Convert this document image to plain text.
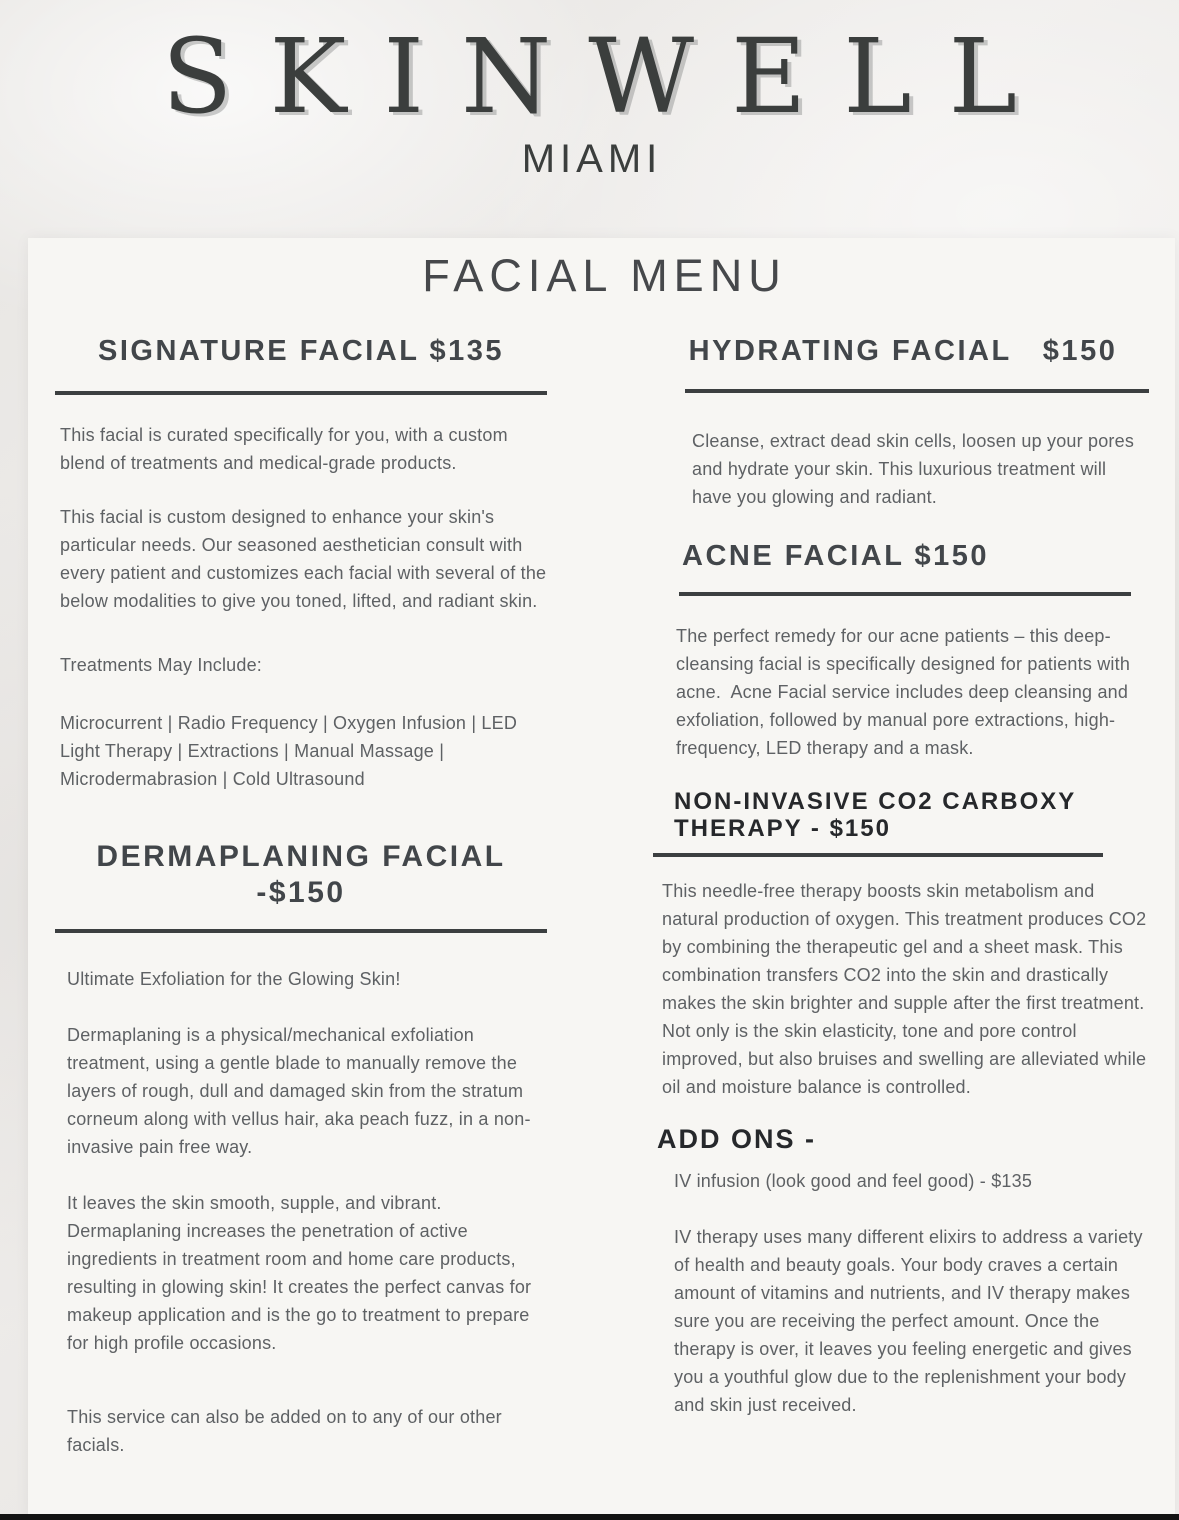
SKINWELL
MIAMI
FACIAL MENU
SIGNATURE FACIAL $135

This facial is curated specifically for you, with a custom blend of treatments and medical-grade products.

This facial is custom designed to enhance your skin's particular needs. Our seasoned aesthetician consult with every patient and customizes each facial with several of the below modalities to give you toned, lifted, and radiant skin.

Treatments May Include:

Microcurrent | Radio Frequency | Oxygen Infusion | LED Light Therapy | Extractions | Manual Massage | Microdermabrasion | Cold Ultrasound

DERMAPLANING FACIAL -$150

Ultimate Exfoliation for the Glowing Skin!

Dermaplaning is a physical/mechanical exfoliation treatment, using a gentle blade to manually remove the layers of rough, dull and damaged skin from the stratum corneum along with vellus hair, aka peach fuzz, in a non-invasive pain free way.

It leaves the skin smooth, supple, and vibrant. Dermaplaning increases the penetration of active ingredients in treatment room and home care products, resulting in glowing skin! It creates the perfect canvas for makeup application and is the go to treatment to prepare for high profile occasions.

This service can also be added on to any of our other facials.

HYDRATING FACIAL   $150

Cleanse, extract dead skin cells, loosen up your pores and hydrate your skin. This luxurious treatment will have you glowing and radiant.

ACNE FACIAL $150

The perfect remedy for our acne patients – this deep-cleansing facial is specifically designed for patients with  acne.  Acne Facial service includes deep cleansing and exfoliation, followed by manual pore extractions, high-frequency, LED therapy and a mask.

NON-INVASIVE CO2 CARBOXY THERAPY - $150

This needle-free therapy boosts skin metabolism and natural production of oxygen. This treatment produces CO2 by combining the therapeutic gel and a sheet mask. This combination transfers CO2 into the skin and drastically makes the skin brighter and supple after the first treatment.  Not only is the skin elasticity, tone and pore control improved, but also bruises and swelling are alleviated while oil and moisture balance is controlled.

ADD ONS -

IV infusion (look good and feel good) - $135

IV therapy uses many different elixirs to address a variety of health and beauty goals. Your body craves a certain amount of vitamins and nutrients, and IV therapy makes sure you are receiving the perfect amount. Once the therapy is over, it leaves you feeling energetic and gives you a youthful glow due to the replenishment your body and skin just received.
